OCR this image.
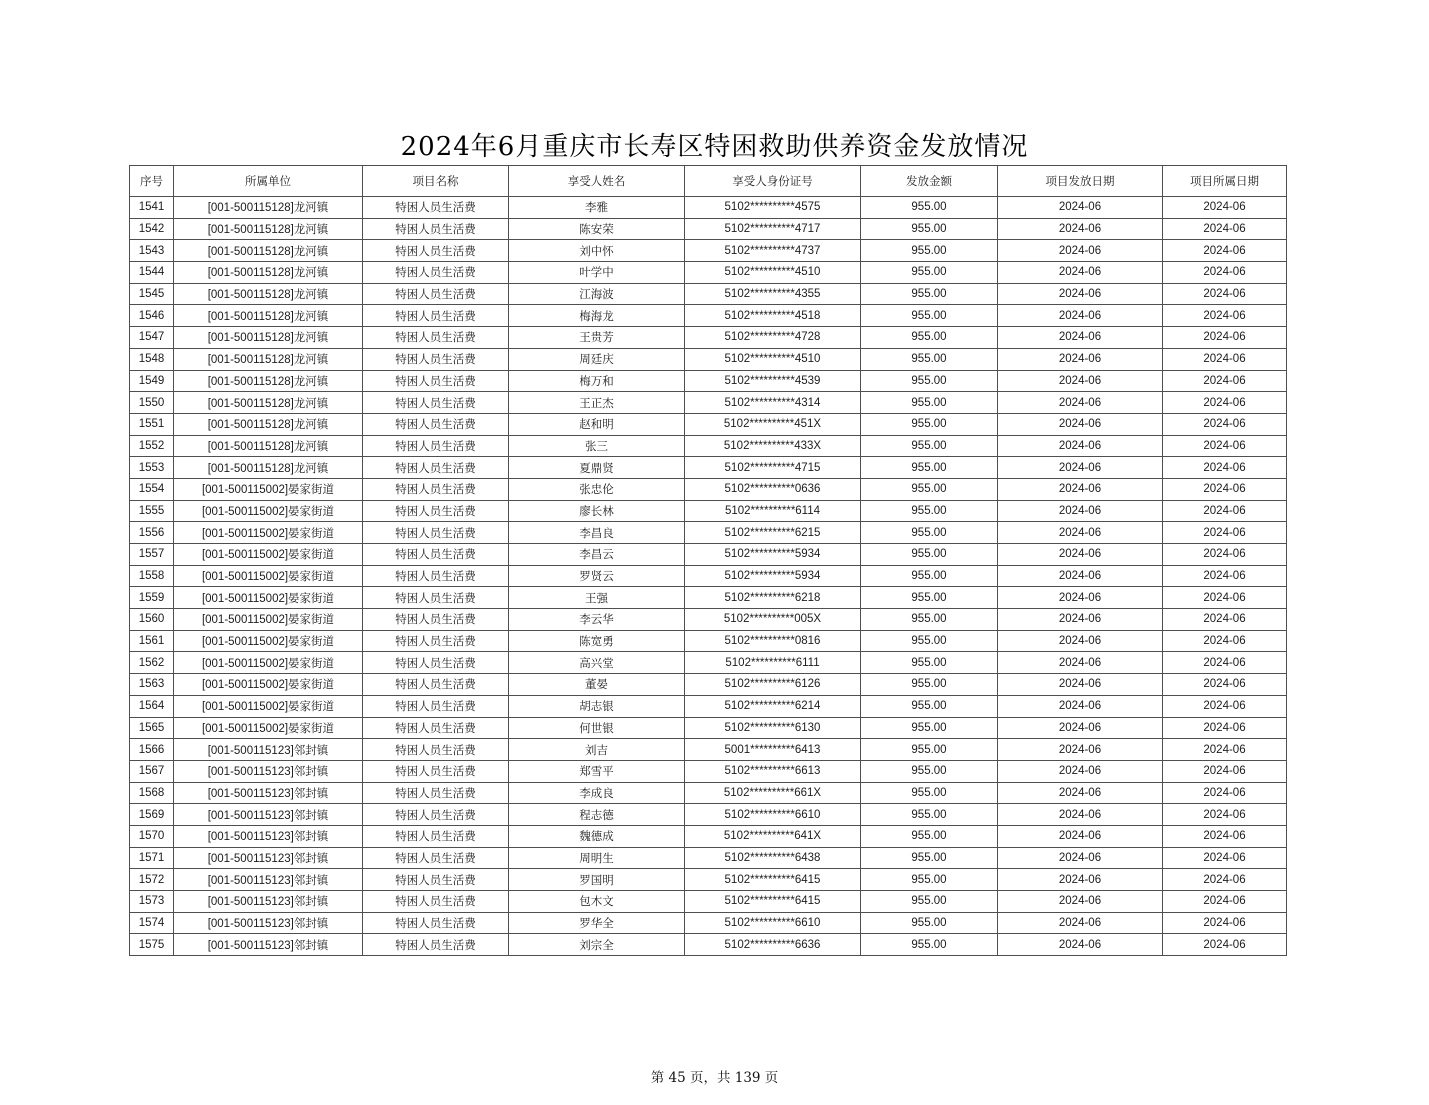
2024年6月重庆市长寿区特困救助供养资金发放情况
序号	所属单位	项目名称	享受人姓名	享受人身份证号	发放金额	项目发放日期	项目所属日期
1541	[001-500115128]龙河镇	特困人员生活费	李雅	5102**********4575	955.00	2024-06	2024-06
1542	[001-500115128]龙河镇	特困人员生活费	陈安荣	5102**********4717	955.00	2024-06	2024-06
1543	[001-500115128]龙河镇	特困人员生活费	刘中怀	5102**********4737	955.00	2024-06	2024-06
1544	[001-500115128]龙河镇	特困人员生活费	叶学中	5102**********4510	955.00	2024-06	2024-06
1545	[001-500115128]龙河镇	特困人员生活费	江海波	5102**********4355	955.00	2024-06	2024-06
1546	[001-500115128]龙河镇	特困人员生活费	梅海龙	5102**********4518	955.00	2024-06	2024-06
1547	[001-500115128]龙河镇	特困人员生活费	王贵芳	5102**********4728	955.00	2024-06	2024-06
1548	[001-500115128]龙河镇	特困人员生活费	周廷庆	5102**********4510	955.00	2024-06	2024-06
1549	[001-500115128]龙河镇	特困人员生活费	梅万和	5102**********4539	955.00	2024-06	2024-06
1550	[001-500115128]龙河镇	特困人员生活费	王正杰	5102**********4314	955.00	2024-06	2024-06
1551	[001-500115128]龙河镇	特困人员生活费	赵和明	5102**********451X	955.00	2024-06	2024-06
1552	[001-500115128]龙河镇	特困人员生活费	张三	5102**********433X	955.00	2024-06	2024-06
1553	[001-500115128]龙河镇	特困人员生活费	夏鼎贤	5102**********4715	955.00	2024-06	2024-06
1554	[001-500115002]晏家街道	特困人员生活费	张忠伦	5102**********0636	955.00	2024-06	2024-06
1555	[001-500115002]晏家街道	特困人员生活费	廖长林	5102**********6114	955.00	2024-06	2024-06
1556	[001-500115002]晏家街道	特困人员生活费	李昌良	5102**********6215	955.00	2024-06	2024-06
1557	[001-500115002]晏家街道	特困人员生活费	李昌云	5102**********5934	955.00	2024-06	2024-06
1558	[001-500115002]晏家街道	特困人员生活费	罗贤云	5102**********5934	955.00	2024-06	2024-06
1559	[001-500115002]晏家街道	特困人员生活费	王强	5102**********6218	955.00	2024-06	2024-06
1560	[001-500115002]晏家街道	特困人员生活费	李云华	5102**********005X	955.00	2024-06	2024-06
1561	[001-500115002]晏家街道	特困人员生活费	陈宽勇	5102**********0816	955.00	2024-06	2024-06
1562	[001-500115002]晏家街道	特困人员生活费	高兴堂	5102**********6111	955.00	2024-06	2024-06
1563	[001-500115002]晏家街道	特困人员生活费	董晏	5102**********6126	955.00	2024-06	2024-06
1564	[001-500115002]晏家街道	特困人员生活费	胡志银	5102**********6214	955.00	2024-06	2024-06
1565	[001-500115002]晏家街道	特困人员生活费	何世银	5102**********6130	955.00	2024-06	2024-06
1566	[001-500115123]邻封镇	特困人员生活费	刘吉	5001**********6413	955.00	2024-06	2024-06
1567	[001-500115123]邻封镇	特困人员生活费	郑雪平	5102**********6613	955.00	2024-06	2024-06
1568	[001-500115123]邻封镇	特困人员生活费	李成良	5102**********661X	955.00	2024-06	2024-06
1569	[001-500115123]邻封镇	特困人员生活费	程志德	5102**********6610	955.00	2024-06	2024-06
1570	[001-500115123]邻封镇	特困人员生活费	魏德成	5102**********641X	955.00	2024-06	2024-06
1571	[001-500115123]邻封镇	特困人员生活费	周明生	5102**********6438	955.00	2024-06	2024-06
1572	[001-500115123]邻封镇	特困人员生活费	罗国明	5102**********6415	955.00	2024-06	2024-06
1573	[001-500115123]邻封镇	特困人员生活费	包木文	5102**********6415	955.00	2024-06	2024-06
1574	[001-500115123]邻封镇	特困人员生活费	罗华全	5102**********6610	955.00	2024-06	2024-06
1575	[001-500115123]邻封镇	特困人员生活费	刘宗全	5102**********6636	955.00	2024-06	2024-06
第 45 页，共 139 页
